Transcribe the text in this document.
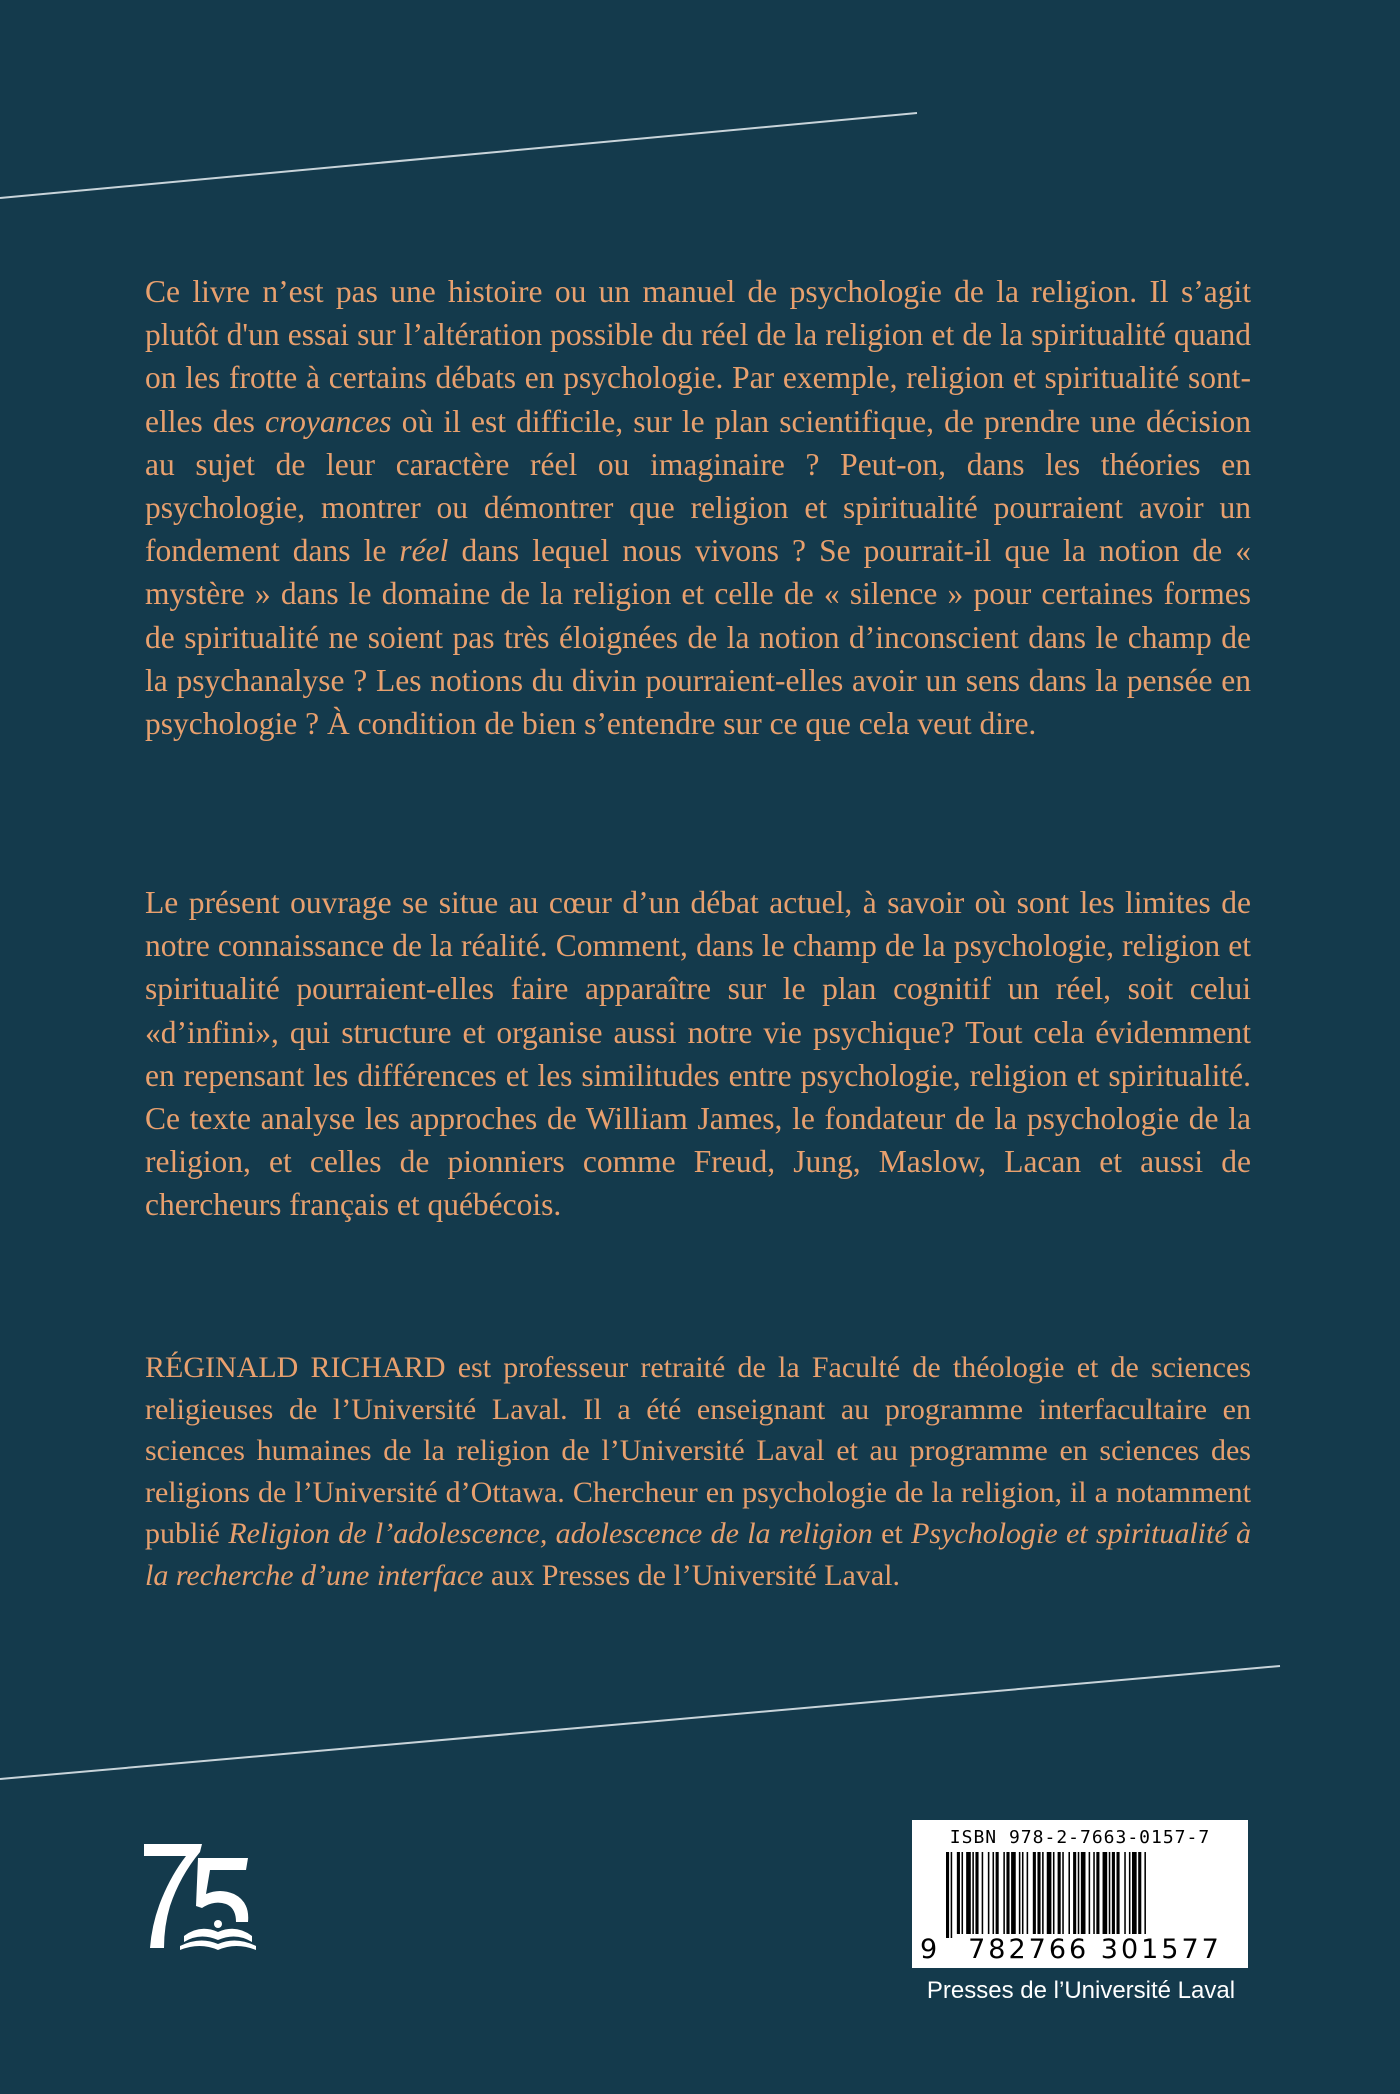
Ce livre n’est pas une histoire ou un manuel de psychologie de la religion. Il s’agit plutôt d'un essai sur l’altération possible du réel de la religion et de la spiritualité quand on les frotte à certains débats en psychologie. Par exemple, religion et spiritualité sont-elles des croyances où il est difficile, sur le plan scientifique, de prendre une décision au sujet de leur caractère réel ou imaginaire ? Peut-on, dans les théories en psychologie, montrer ou démontrer que religion et spiritualité pourraient avoir un fondement dans le réel dans lequel nous vivons ? Se pourrait-il que la notion de « mystère » dans le domaine de la religion et celle de « silence » pour certaines formes de spiritualité ne soient pas très éloignées de la notion d’inconscient dans le champ de la psychanalyse ? Les notions du divin pourraient-elles avoir un sens dans la pensée en psychologie ? À condition de bien s’entendre sur ce que cela veut dire.

Le présent ouvrage se situe au cœur d’un débat actuel, à savoir où sont les limites de notre connaissance de la réalité. Comment, dans le champ de la psychologie, religion et spiritualité pourraient-elles faire apparaître sur le plan cognitif un réel, soit celui «d’infini», qui structure et organise aussi notre vie psychique? Tout cela évidemment en repensant les différences et les similitudes entre psychologie, religion et spiritualité. Ce texte analyse les approches de William James, le fondateur de la psychologie de la religion, et celles de pionniers comme Freud, Jung, Maslow, Lacan et aussi de chercheurs français et québécois.

RÉGINALD RICHARD est professeur retraité de la Faculté de théologie et de sciences religieuses de l’Université Laval. Il a été enseignant au programme interfacultaire en sciences humaines de la religion de l’Université Laval et au programme en sciences des religions de l’Université d’Ottawa. Chercheur en psychologie de la religion, il a notamment publié Religion de l’adolescence, adolescence de la religion et Psychologie et spiritualité à la recherche d’une interface aux Presses de l’Université Laval.

ISBN 978-2-7663-0157-7
9	782766 301577
Presses de l’Université Laval
